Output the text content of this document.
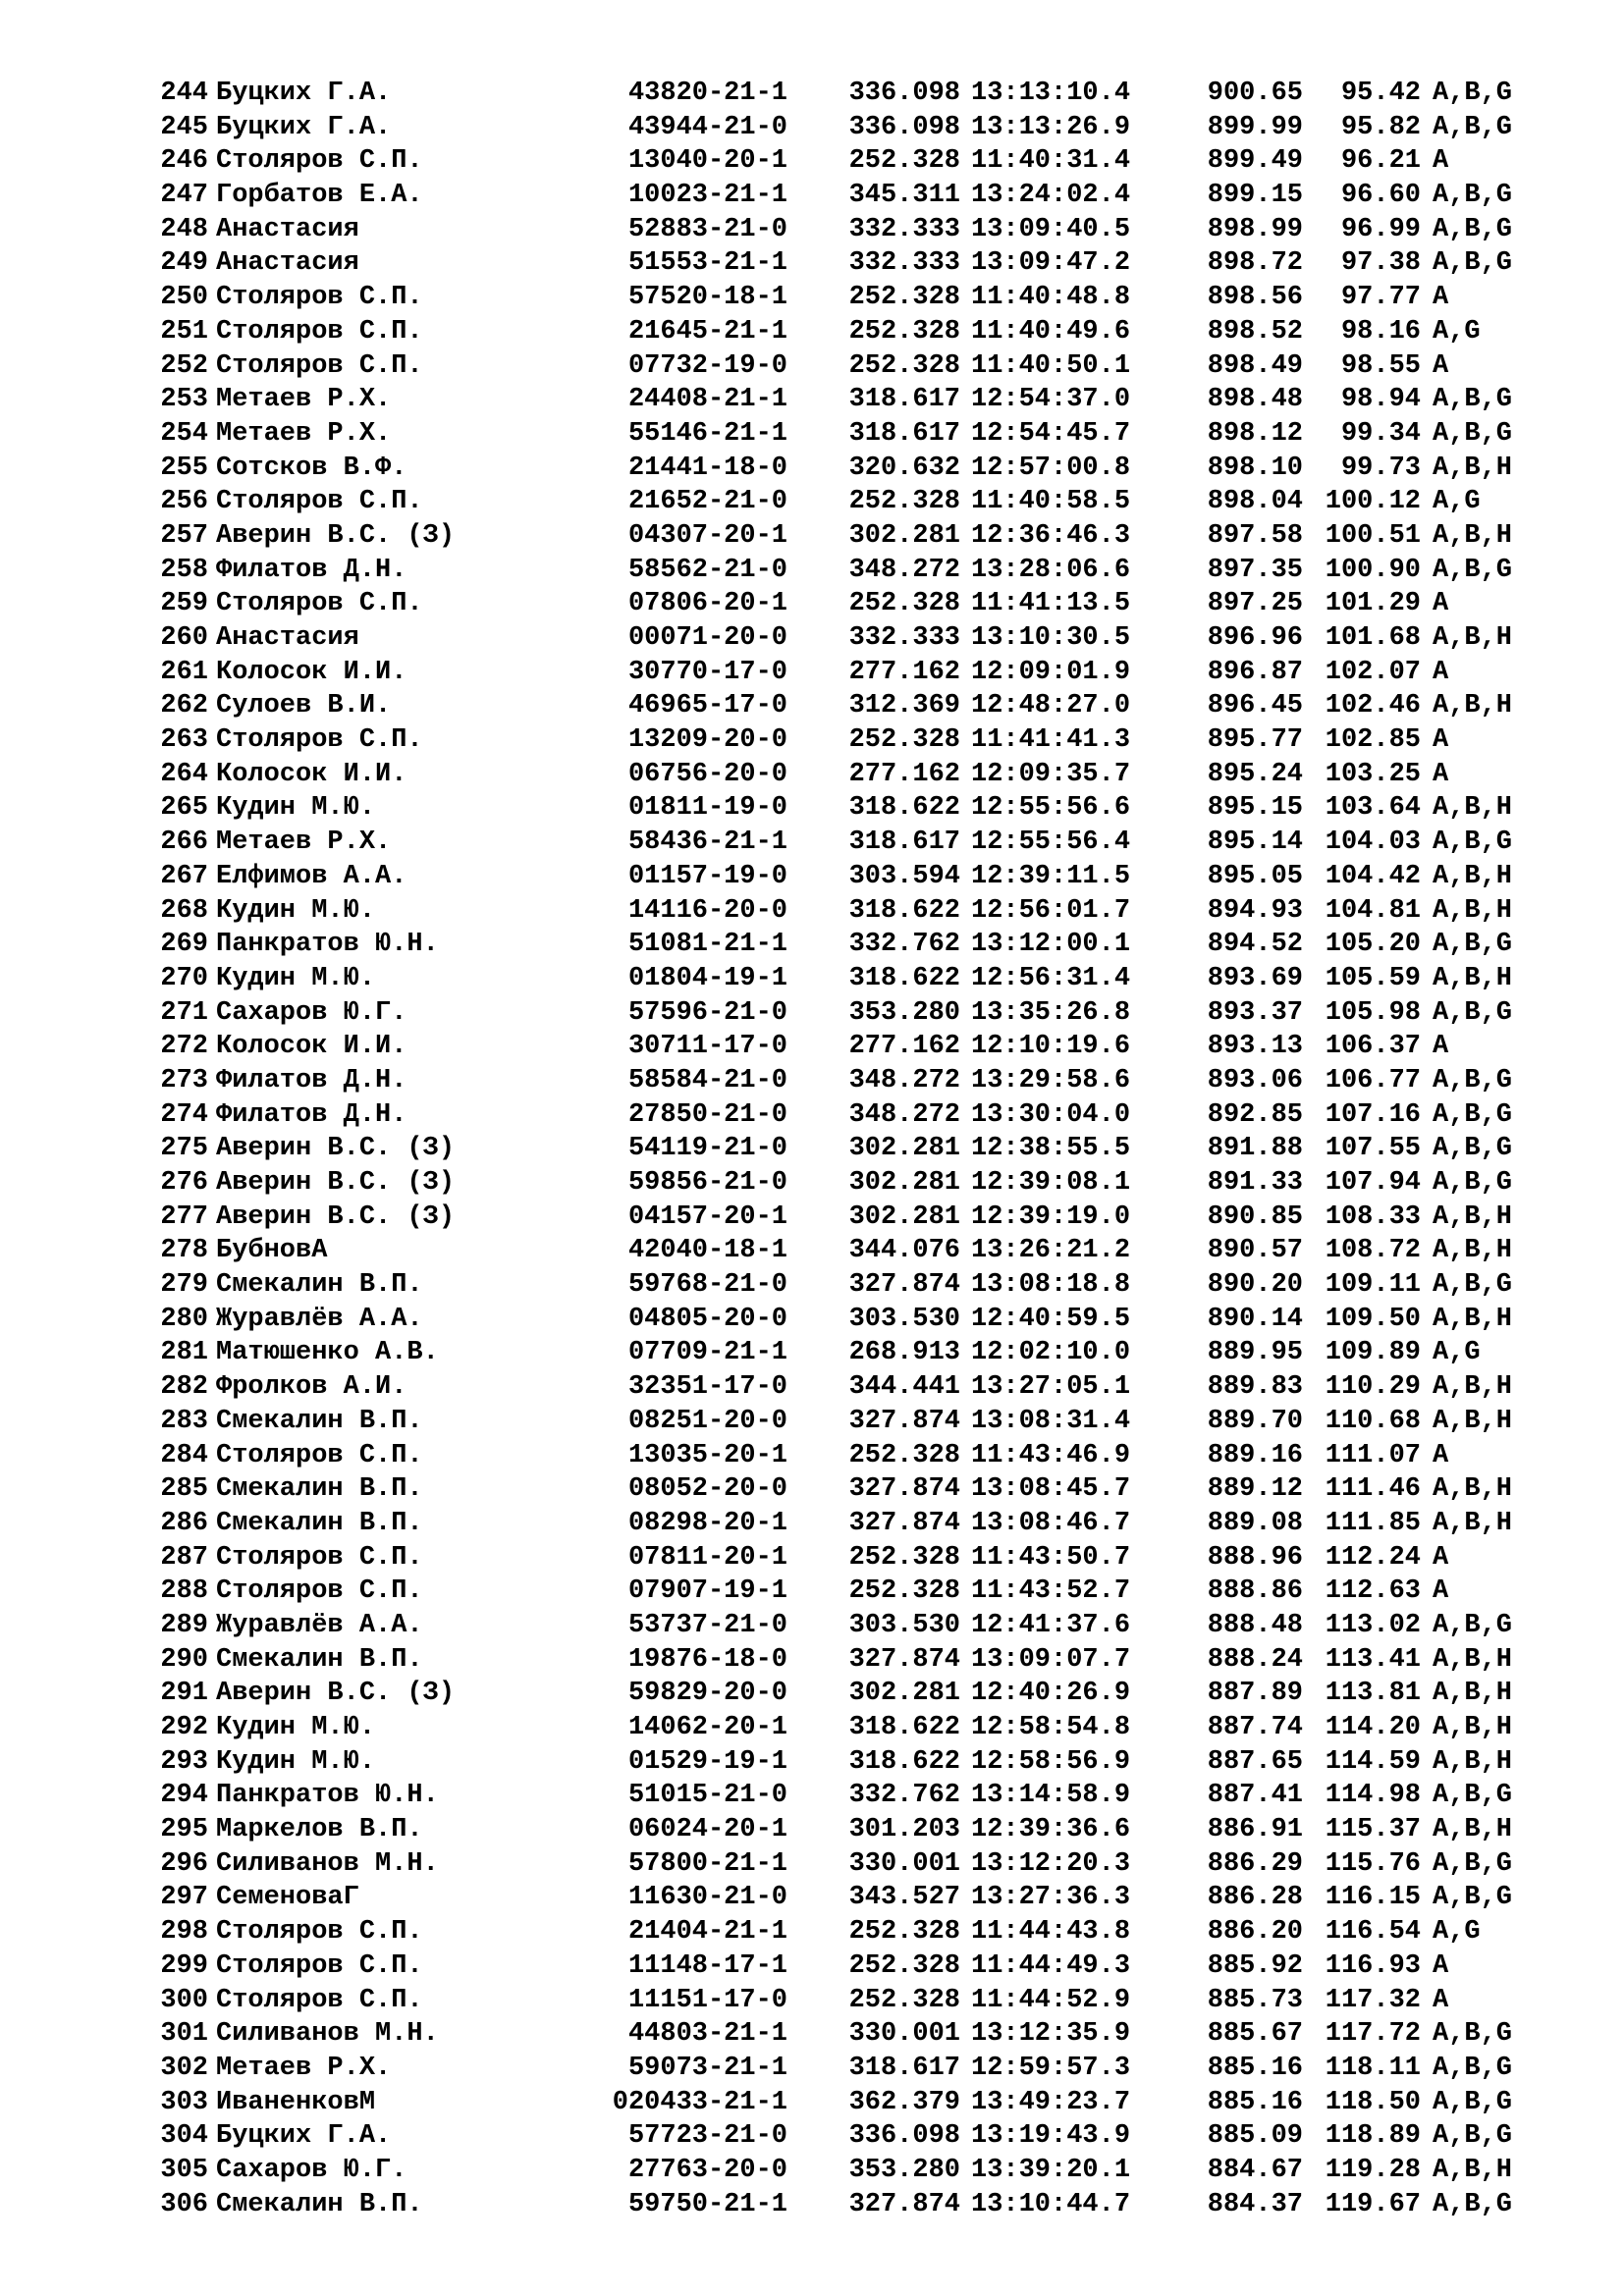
244 Буцких Г.А.	43820-21-1	336.098 13:13:10.4	900.65	95.42 A,B,G
245 Буцких Г.А.	43944-21-0	336.098 13:13:26.9	899.99	95.82 A,B,G
246 Столяров С.П.	13040-20-1	252.328 11:40:31.4	899.49	96.21 A
247 Горбатов Е.А.	10023-21-1	345.311 13:24:02.4	899.15	96.60 A,B,G
248 Анастасия	52883-21-0	332.333 13:09:40.5	898.99	96.99 A,B,G
249 Анастасия	51553-21-1	332.333 13:09:47.2	898.72	97.38 A,B,G
250 Столяров С.П.	57520-18-1	252.328 11:40:48.8	898.56	97.77 A
251 Столяров С.П.	21645-21-1	252.328 11:40:49.6	898.52	98.16 A,G
252 Столяров С.П.	07732-19-0	252.328 11:40:50.1	898.49	98.55 A
253 Метаев Р.Х.	24408-21-1	318.617 12:54:37.0	898.48	98.94 A,B,G
254 Метаев Р.Х.	55146-21-1	318.617 12:54:45.7	898.12	99.34 A,B,G
255 Сотсков В.Ф.	21441-18-0	320.632 12:57:00.8	898.10	99.73 A,B,H
256 Столяров С.П.	21652-21-0	252.328 11:40:58.5	898.04 100.12 A,G
257 Аверин В.С. (З)	04307-20-1	302.281 12:36:46.3	897.58 100.51 A,B,H
258 Филатов Д.Н.	58562-21-0	348.272 13:28:06.6	897.35 100.90 A,B,G
259 Столяров С.П.	07806-20-1	252.328 11:41:13.5	897.25 101.29 A
260 Анастасия	00071-20-0	332.333 13:10:30.5	896.96 101.68 A,B,H
261 Колосок И.И.	30770-17-0	277.162 12:09:01.9	896.87 102.07 A
262 Сулоев В.И.	46965-17-0	312.369 12:48:27.0	896.45 102.46 A,B,H
263 Столяров С.П.	13209-20-0	252.328 11:41:41.3	895.77 102.85 A
264 Колосок И.И.	06756-20-0	277.162 12:09:35.7	895.24 103.25 A
265 Кудин М.Ю.	01811-19-0	318.622 12:55:56.6	895.15 103.64 A,B,H
266 Метаев Р.Х.	58436-21-1	318.617 12:55:56.4	895.14 104.03 A,B,G
267 Елфимов А.А.	01157-19-0	303.594 12:39:11.5	895.05 104.42 A,B,H
268 Кудин М.Ю.	14116-20-0	318.622 12:56:01.7	894.93 104.81 A,B,H
269 Панкратов Ю.Н.	51081-21-1	332.762 13:12:00.1	894.52 105.20 A,B,G
270 Кудин М.Ю.	01804-19-1	318.622 12:56:31.4	893.69 105.59 A,B,H
271 Сахаров Ю.Г.	57596-21-0	353.280 13:35:26.8	893.37 105.98 A,B,G
272 Колосок И.И.	30711-17-0	277.162 12:10:19.6	893.13 106.37 A
273 Филатов Д.Н.	58584-21-0	348.272 13:29:58.6	893.06 106.77 A,B,G
274 Филатов Д.Н.	27850-21-0	348.272 13:30:04.0	892.85 107.16 A,B,G
275 Аверин В.С. (З)	54119-21-0	302.281 12:38:55.5	891.88 107.55 A,B,G
276 Аверин В.С. (З)	59856-21-0	302.281 12:39:08.1	891.33 107.94 A,B,G
277 Аверин В.С. (З)	04157-20-1	302.281 12:39:19.0	890.85 108.33 A,B,H
278 БубновА	42040-18-1	344.076 13:26:21.2	890.57 108.72 A,B,H
279 Смекалин В.П.	59768-21-0	327.874 13:08:18.8	890.20 109.11 A,B,G
280 Журавлёв А.А.	04805-20-0	303.530 12:40:59.5	890.14 109.50 A,B,H
281 Матюшенко А.В.	07709-21-1	268.913 12:02:10.0	889.95 109.89 A,G
282 Фролков А.И.	32351-17-0	344.441 13:27:05.1	889.83 110.29 A,B,H
283 Смекалин В.П.	08251-20-0	327.874 13:08:31.4	889.70 110.68 A,B,H
284 Столяров С.П.	13035-20-1	252.328 11:43:46.9	889.16 111.07 A
285 Смекалин В.П.	08052-20-0	327.874 13:08:45.7	889.12 111.46 A,B,H
286 Смекалин В.П.	08298-20-1	327.874 13:08:46.7	889.08 111.85 A,B,H
287 Столяров С.П.	07811-20-1	252.328 11:43:50.7	888.96 112.24 A
288 Столяров С.П.	07907-19-1	252.328 11:43:52.7	888.86 112.63 A
289 Журавлёв А.А.	53737-21-0	303.530 12:41:37.6	888.48 113.02 A,B,G
290 Смекалин В.П.	19876-18-0	327.874 13:09:07.7	888.24 113.41 A,B,H
291 Аверин В.С. (З)	59829-20-0	302.281 12:40:26.9	887.89 113.81 A,B,H
292 Кудин М.Ю.	14062-20-1	318.622 12:58:54.8	887.74 114.20 A,B,H
293 Кудин М.Ю.	01529-19-1	318.622 12:58:56.9	887.65 114.59 A,B,H
294 Панкратов Ю.Н.	51015-21-0	332.762 13:14:58.9	887.41 114.98 A,B,G
295 Маркелов В.П.	06024-20-1	301.203 12:39:36.6	886.91 115.37 A,B,H
296 Силиванов М.Н.	57800-21-1	330.001 13:12:20.3	886.29 115.76 A,B,G
297 СеменоваГ	11630-21-0	343.527 13:27:36.3	886.28 116.15 A,B,G
298 Столяров С.П.	21404-21-1	252.328 11:44:43.8	886.20 116.54 A,G
299 Столяров С.П.	11148-17-1	252.328 11:44:49.3	885.92 116.93 A
300 Столяров С.П.	11151-17-0	252.328 11:44:52.9	885.73 117.32 A
301 Силиванов М.Н.	44803-21-1	330.001 13:12:35.9	885.67 117.72 A,B,G
302 Метаев Р.Х.	59073-21-1	318.617 12:59:57.3	885.16 118.11 A,B,G
303 ИваненковМ	020433-21-1	362.379 13:49:23.7	885.16 118.50 A,B,G
304 Буцких Г.А.	57723-21-0	336.098 13:19:43.9	885.09 118.89 A,B,G
305 Сахаров Ю.Г.	27763-20-0	353.280 13:39:20.1	884.67 119.28 A,B,H
306 Смекалин В.П.	59750-21-1	327.874 13:10:44.7	884.37 119.67 A,B,G
